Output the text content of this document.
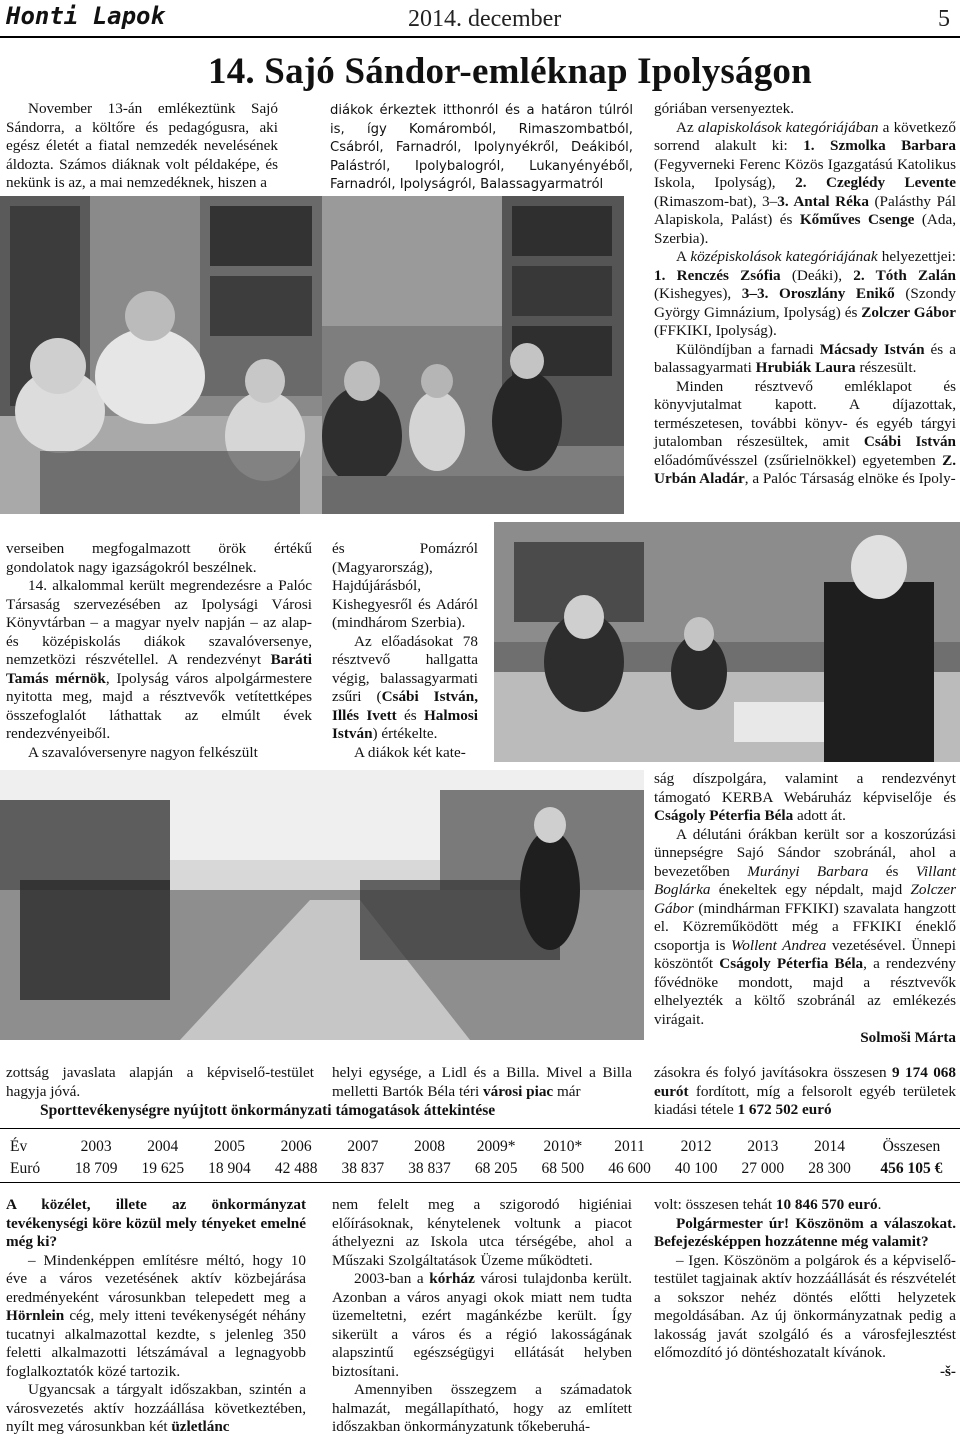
Honti Lapok	2014. december	5
14. Sajó Sándor-emléknap Ipolyságon

November 13-án emlékeztünk Sajó Sándorra, a költőre és pedagógusra, aki egész életét a fiatal nemzedék nevelésének áldozta. Számos diáknak volt példaképe, és nekünk is az, a mai nemzedéknek, hiszen a

diákok érkeztek itthonról és a határon túlról is, így Komáromból, Rimaszombatból, Csábról, Farnadról, Ipolynyékről, Deákiból, Palástról, Ipolybalogról, Lukanyényéből, Farnadról, Ipolyságról, Balassagyarmatról

góriában versenyeztek.

Az alapiskolások kategóriájában a következő sorrend alakult ki: 1. Szmolka Barbara (Fegyverneki Ferenc Közös Igazgatású Katolikus Iskola, Ipolyság), 2. Czeglédy Levente (Rimaszom-bat), 3–3. Antal Réka (Palásthy Pál Alapiskola, Palást) és Kőműves Csenge (Ada, Szerbia).

A középiskolások kategóriájának helyezettjei: 1. Renczés Zsófia (Deáki), 2. Tóth Zalán (Kishegyes), 3–3. Oroszlány Enikő (Szondy György Gimnázium, Ipolyság) és Zolczer Gábor (FFKIKI, Ipolyság).

Különdíjban a farnadi Mácsady István és a balassagyarmati Hrubiák Laura részesült.

Minden résztvevő emléklapot és könyvjutalmat kapott. A díjazottak, természetesen, további könyv- és egyéb tárgyi jutalomban részesültek, amit Csábi István előadóművésszel (zsűrielnökkel) egyetemben Z. Urbán Aladár, a Palóc Társaság elnöke és Ipoly-

verseiben megfogalmazott örök értékű gondolatok nagy igazságokról beszélnek.

14. alkalommal került megrendezésre a Palóc Társaság szervezésében az Ipolysági Városi Könyvtárban – a magyar nyelv napján – az alap- és középiskolás diákok szavalóversenye, nemzetközi részvétellel. A rendezvényt Baráti Tamás mérnök, Ipolyság város alpolgármestere nyitotta meg, majd a résztvevők vetítettképes összefoglalót láthattak az elmúlt évek rendezvényeiből.

A szavalóversenyre nagyon felkészült

és Pomázról (Magyarország), Hajdújárásból, Kishegyesről és Adáról (mindhárom Szerbia).

Az előadásokat 78 résztvevő hallgatta végig, balassagyarmati zsűri (Csábi István, Illés Ivett és Halmosi István) értékelte.

A diákok két kate-

ság díszpolgára, valamint a rendezvényt támogató KERBA Webáruház képviselője és Cságoly Péterfia Béla adott át.

A délutáni órákban került sor a koszorúzási ünnepségre Sajó Sándor szobránál, ahol a bevezetőben Murányi Barbara és Villant Boglárka énekeltek egy népdalt, majd Zolczer Gábor (mindhárman FFKIKI) szavalata hangzott el. Közreműködött még a FFKIKI éneklő csoportja is Wollent Andrea vezetésével. Ünnepi köszöntőt Cságoly Péterfia Béla, a rendezvény fővédnöke mondott, majd a résztvevők elhelyezték a költő szobránál az emlékezés virágait.

Solmoši Márta

zottság javaslata alapján a képviselő-testület hagyja jóvá.

helyi egysége, a Lidl és a Billa. Mivel a Billa melletti Bartók Béla téri városi piac már

zásokra és folyó javításokra összesen 9 174 068 eurót fordított, míg a felsorolt egyéb területek kiadási tétele 1 672 502 euró

Sporttevékenységre nyújtott önkormányzati támogatások áttekintése
Év	2003	2004	2005	2006	2007	2008	2009*	2010*	2011	2012	2013	2014	Összesen
Euró	18 709	19 625	18 904	42 488	38 837	38 837	68 205	68 500	46 600	40 100	27 000	28 300	456 105 €

A közélet, illete az önkormányzat tevékenységi köre közül mely tényeket emelné még ki?

– Mindenképpen említésre méltó, hogy 10 éve a város vezetésének aktív közbejárása eredményeként városunkban telepedett meg a Hörnlein cég, mely itteni tevékenységét néhány tucatnyi alkalmazottal kezdte, s jelenleg 350 feletti alkalmazotti létszámával a legnagyobb foglalkoztatók közé tartozik.

Ugyancsak a tárgyalt időszakban, szintén a városvezetés aktív hozzáállása következtében, nyílt meg városunkban két üzletlánc

nem felelt meg a szigorodó higiéniai előírásoknak, kénytelenek voltunk a piacot áthelyezni az Iskola utca térségébe, ahol a Műszaki Szolgáltatások Üzeme működteti.

2003-ban a kórház városi tulajdonba került. Azonban a város anyagi okok miatt nem tudta üzemeltetni, ezért magánkézbe került. Így sikerült a város és a régió lakosságának alapszintű egészségügyi ellátását helyben biztosítani.

Amennyiben összegzem a számadatok halmazát, megállapítható, hogy az említett időszakban önkormányzatunk tőkeberuhá-

volt: összesen tehát 10 846 570 euró.

Polgármester úr! Köszönöm a válaszokat. Befejezésképpen hozzátenne még valamit?

– Igen. Köszönöm a polgárok és a képviselő-testület tagjainak aktív hozzáállását és részvételét a sokszor nehéz döntés előtti helyzetek megoldásában. Az új önkormányzatnak pedig a lakosság javát szolgáló és a városfejlesztést előmozdító jó döntéshozatalt kívánok.

-š-
